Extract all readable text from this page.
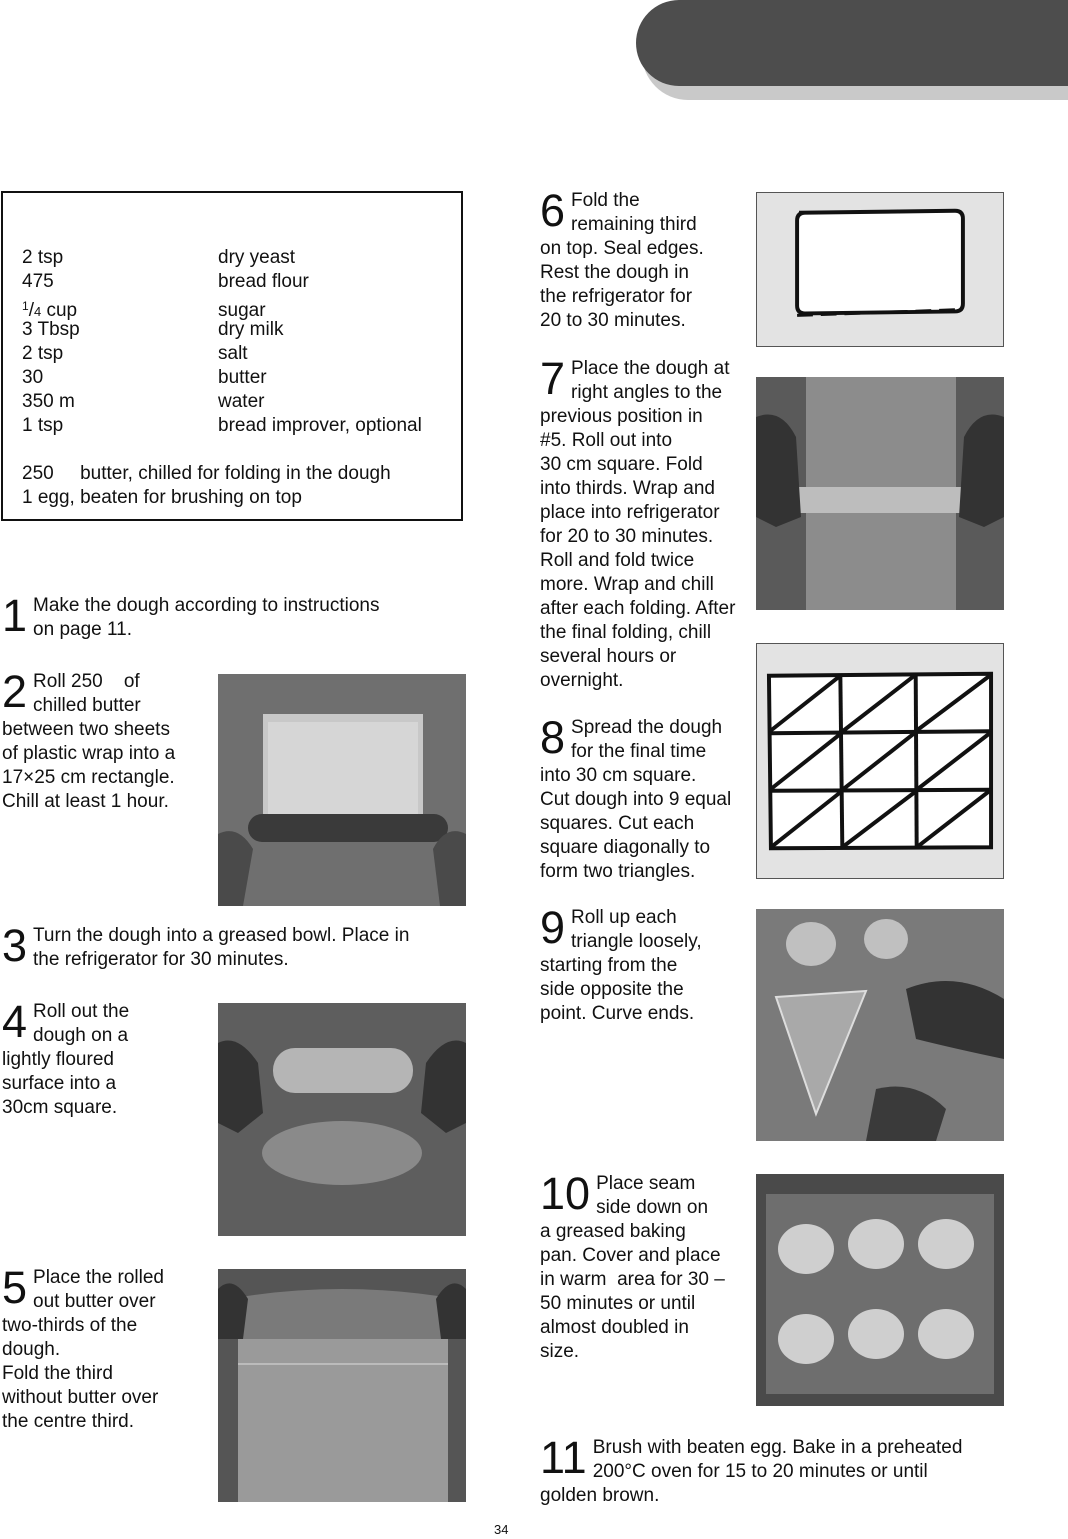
2 tsp	dry yeast
475	bread flour
$^1$/4 cup	sugar
3 Tbsp	dry milk
2 tsp	salt
30	butter
350 m	water
1 tsp	bread improver, optional
250     butter, chilled for folding in the dough
1 egg, beaten for brushing on top
1 Make the dough according to instructions
on page 11.
2 Roll 250    of
chilled butter
between two sheets
of plastic wrap into a
17×25 cm rectangle.
Chill at least 1 hour.
3 Turn the dough into a greased bowl. Place in
the refrigerator for 30 minutes.
4 Roll out the
dough on a
lightly floured
surface into a
30cm square.
5 Place the rolled
out butter over
two-thirds of the
dough.
Fold the third
without butter over
the centre third.
6 Fold the
remaining third
on top. Seal edges.
Rest the dough in
the refrigerator for
20 to 30 minutes.
7 Place the dough at
right angles to the
previous position in
#5. Roll out into
30 cm square. Fold
into thirds. Wrap and
place into refrigerator
for 20 to 30 minutes.
Roll and fold twice
more. Wrap and chill
after each folding. After
the final folding, chill
several hours or
overnight.
8 Spread the dough
for the final time
into 30 cm square.
Cut dough into 9 equal
squares. Cut each
square diagonally to
form two triangles.
9 Roll up each
triangle loosely,
starting from the
side opposite the
point. Curve ends.
10 Place seam
side down on
a greased baking
pan. Cover and place
in warm  area for 30 –
50 minutes or until
almost doubled in
size.
11 Brush with beaten egg. Bake in a preheated
200°C oven for 15 to 20 minutes or until
golden brown.
34
